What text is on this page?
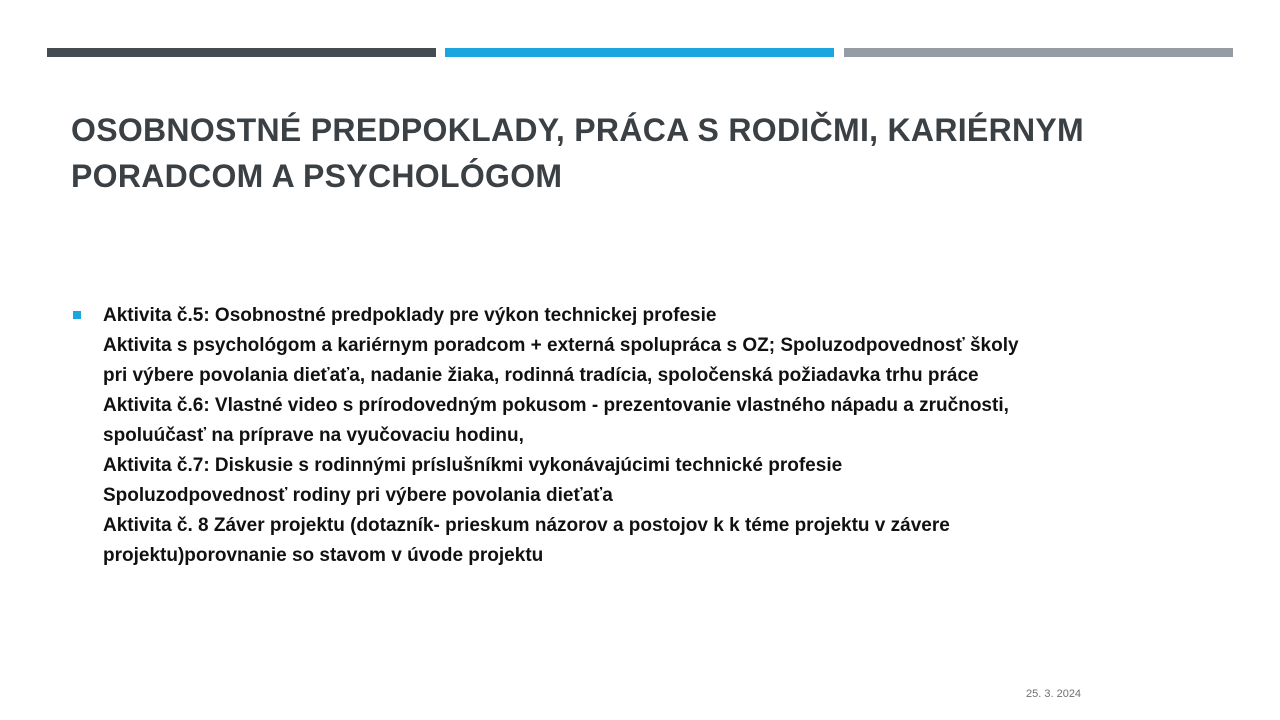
OSOBNOSTNÉ PREDPOKLADY, PRÁCA S RODIČMI, KARIÉRNYM
PORADCOM A PSYCHOLÓGOM
Aktivita č.5: Osobnostné predpoklady pre výkon technickej profesie
Aktivita s psychológom a kariérnym poradcom + externá spolupráca s OZ; Spoluzodpovednosť školy
pri výbere povolania dieťaťa, nadanie žiaka, rodinná tradícia, spoločenská požiadavka trhu práce
Aktivita č.6: Vlastné video s prírodovedným pokusom - prezentovanie vlastného nápadu a zručnosti,
spoluúčasť na príprave na vyučovaciu hodinu,
Aktivita č.7: Diskusie s rodinnými príslušníkmi vykonávajúcimi technické profesie
Spoluzodpovednosť rodiny pri výbere povolania dieťaťa
Aktivita č. 8 Záver projektu (dotazník- prieskum názorov a postojov k k téme projektu v závere
projektu)porovnanie so stavom v úvode projektu
25. 3. 2024
